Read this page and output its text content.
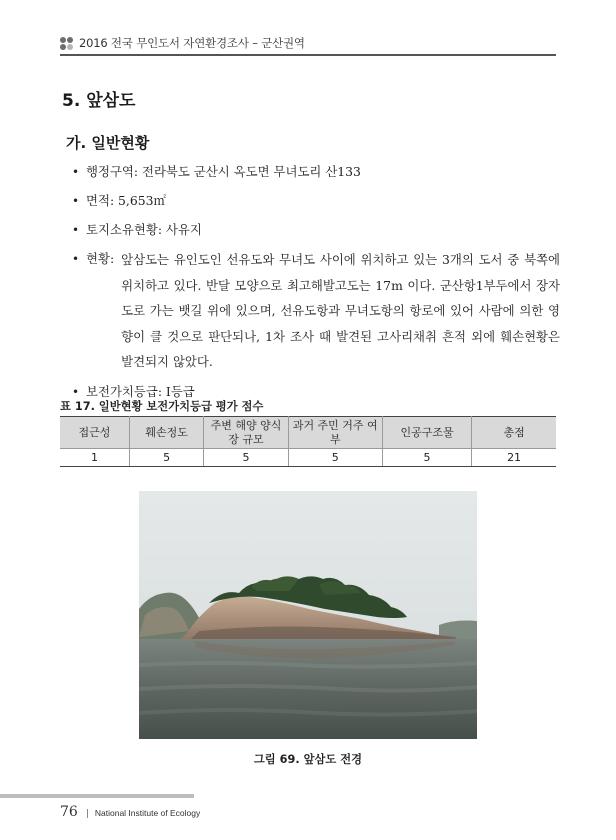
2016 전국 무인도서 자연환경조사 – 군산권역
5. 앞삼도
가. 일반현황
• 행정구역: 전라북도 군산시 옥도면 무녀도리 산133
• 면적: 5,653㎡
• 토지소유현황: 사유지
• 현황: 앞삼도는 유인도인 선유도와 무녀도 사이에 위치하고 있는 3개의 도서 중 북쪽에 위치하고 있다. 반달 모양으로 최고해발고도는 17m 이다. 군산항1부두에서 장자도로 가는 뱃길 위에 있으며, 선유도항과 무녀도항의 항로에 있어 사람에 의한 영향이 클 것으로 판단되나, 1차 조사 때 발견된 고사리채취 흔적 외에 훼손현황은 발견되지 않았다.
• 보전가치등급: Ⅰ등급
표 17. 일반현황 보전가치등급 평가 점수
접근성	훼손정도	주변 해양 양식장 규모	과거 주민 거주 여부	인공구조물	총점
1	5	5	5	5	21
그림 69. 앞삼도 전경
76 | National Institute of Ecology
